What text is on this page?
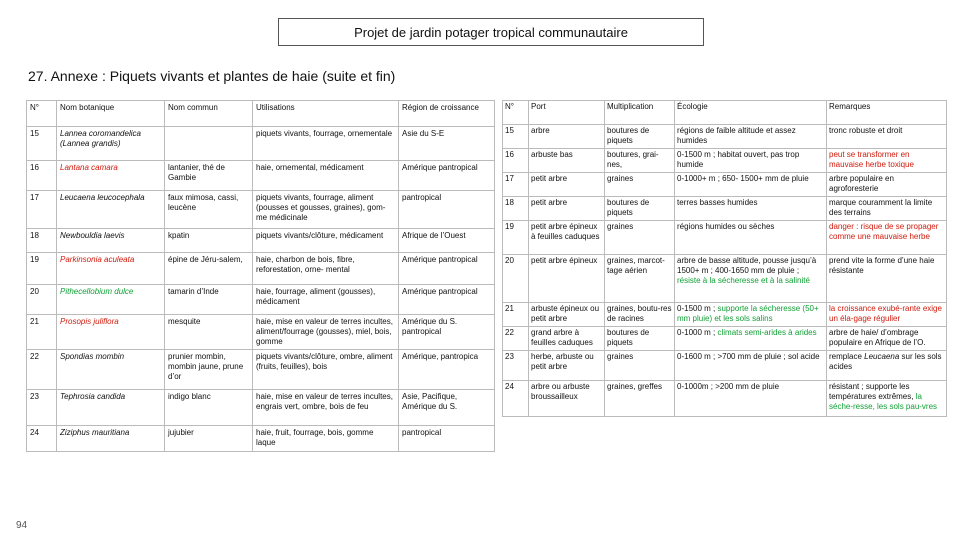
Projet de jardin potager tropical communautaire
27. Annexe : Piquets vivants et plantes de haie (suite et fin)
N°	Nom botanique	Nom commun	Utilisations	Région de croissance
15	Lannea coromandelica (Lannea grandis)		piquets vivants, fourrage, ornementale	Asie du S-E
16	Lantana camara	lantanier, thé de Gambie	haie, ornemental, médicament	Amérique pantropical
17	Leucaena leucocephala	faux mimosa, cassi, leucène	piquets vivants, fourrage, aliment (pousses et gousses, graines), gom-me médicinale	pantropical
18	Newbouldia laevis	kpatin	piquets vivants/clôture, médicament	Afrique de l’Ouest
19	Parkinsonia aculeata	épine de Jéru-salem,	haie, charbon de bois, fibre, reforestation, orne- mental	Amérique pantropical
20	Pithecellobium dulce	tamarin d’Inde	haie, fourrage, aliment (gousses), médicament	Amérique pantropical
21	Prosopis juliflora	mesquite	haie, mise en valeur de terres incultes, aliment/fourrage (gousses), miel, bois, gomme	Amérique du S. pantropical
22	Spondias mombin	prunier mombin, mombin jaune, prune d’or	piquets vivants/clôture, ombre, aliment (fruits, feuilles), bois	Amérique, pantropica
23	Tephrosia candida	indigo blanc	haie, mise en valeur de terres incultes, engrais vert, ombre, bois de feu	Asie, Pacifique, Amérique du S.
24	Ziziphus mauritiana	jujubier	haie, fruit, fourrage, bois, gomme laque	pantropical
N°	Port	Multiplication	Écologie	Remarques
15	arbre	boutures de piquets	régions de faible altitude et assez humides	tronc robuste et droit
16	arbuste bas	boutures, grai-nes,	0-1500 m ; habitat ouvert, pas trop humide	peut se transformer en mauvaise herbe toxique
17	petit arbre	graines	0-1000+ m ; 650- 1500+ mm de pluie	arbre populaire en agroforesterie
18	petit arbre	boutures de piquets	terres basses humides	marque couramment la limite des terrains
19	petit arbre épineux à feuilles caduques	graines	régions humides ou sèches	danger : risque de se propager comme une mauvaise herbe
20	petit arbre épineux	graines, marcot-tage aérien	arbre de basse altitude, pousse jusqu’à 1500+ m ; 400-1650 mm de pluie ; résiste à la sécheresse et à la salinité	prend vite la forme d’une haie résistante
21	arbuste épineux ou petit arbre	graines, boutu-res de racines	0-1500 m ; supporte la sécheresse (50+ mm pluie) et les sols salins	la croissance exubé-rante exige un éla-gage régulier
22	grand arbre à feuilles caduques	boutures de piquets	0-1000 m ; climats semi-arides à arides	arbre de haie/ d’ombrage populaire en Afrique de l’O.
23	herbe, arbuste ou petit arbre	graines	0-1600 m ; >700 mm de pluie ; sol acide	remplace Leucaena sur les sols acides
24	arbre ou arbuste broussailleux	graines, greffes	0-1000m ; >200 mm de pluie	résistant ; supporte les températures extrêmes, la séche-resse, les sols pau-vres
94
